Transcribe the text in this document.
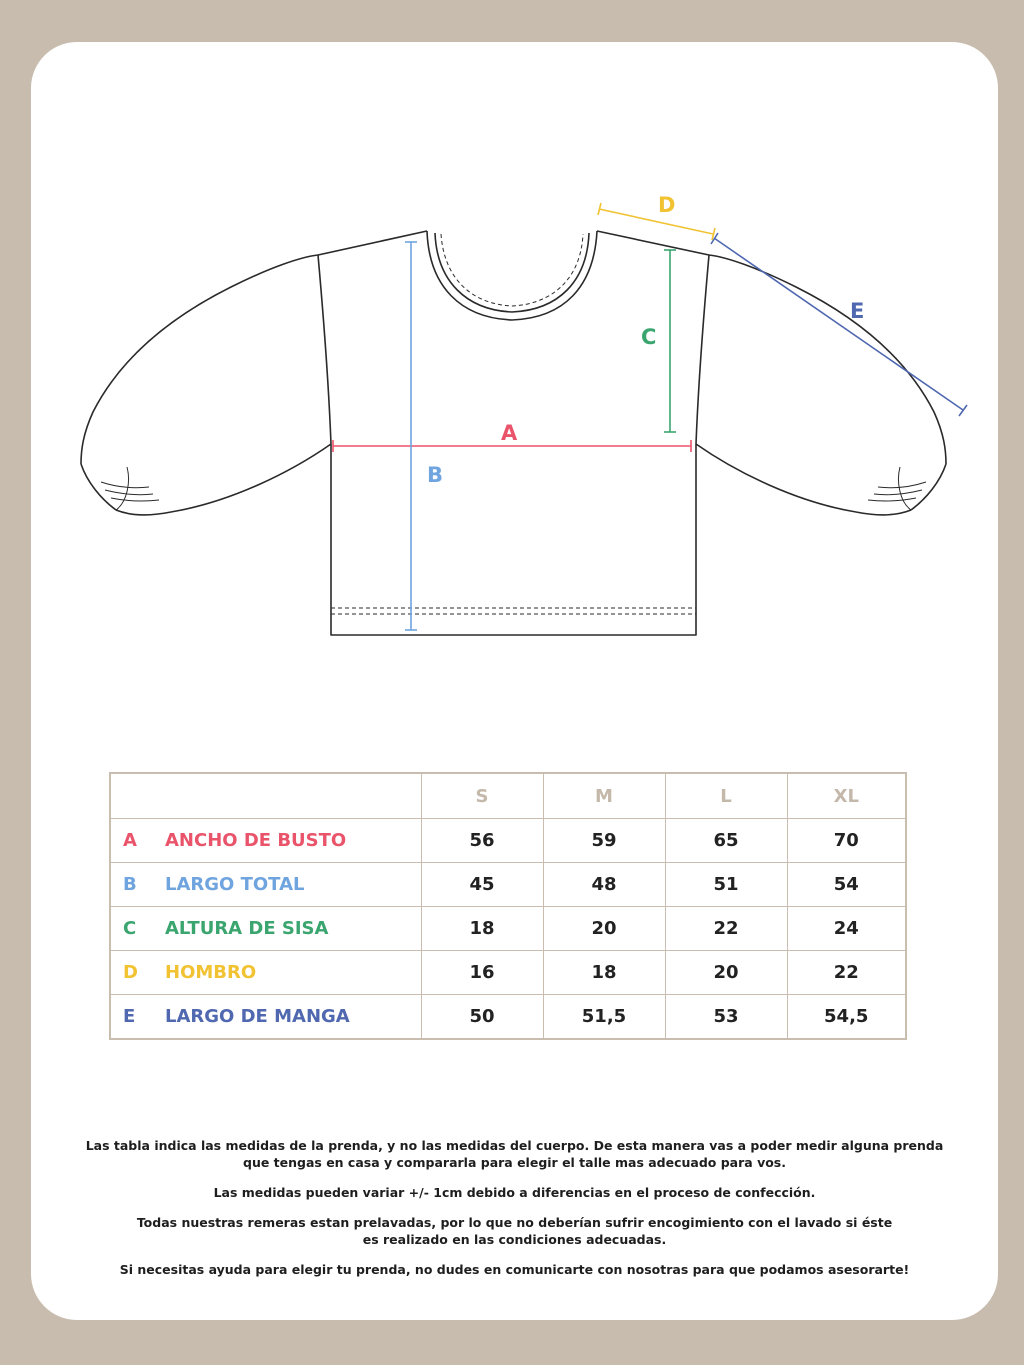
A
B
C
D
E
	S	M	L	XL
A ANCHO DE BUSTO	56	59	65	70
B LARGO TOTAL	45	48	51	54
C ALTURA DE SISA	18	20	22	24
D HOMBRO	16	18	20	22
E LARGO DE MANGA	50	51,5	53	54,5

Las tabla indica las medidas de la prenda, y no las medidas del cuerpo. De esta manera vas a poder medir alguna prenda
que tengas en casa y compararla para elegir el talle mas adecuado para vos.

Las medidas pueden variar +/- 1cm debido a diferencias en el proceso de confección.

Todas nuestras remeras estan prelavadas, por lo que no deberían sufrir encogimiento con el lavado si éste
es realizado en las condiciones adecuadas.

Si necesitas ayuda para elegir tu prenda, no dudes en comunicarte con nosotras para que podamos asesorarte!
